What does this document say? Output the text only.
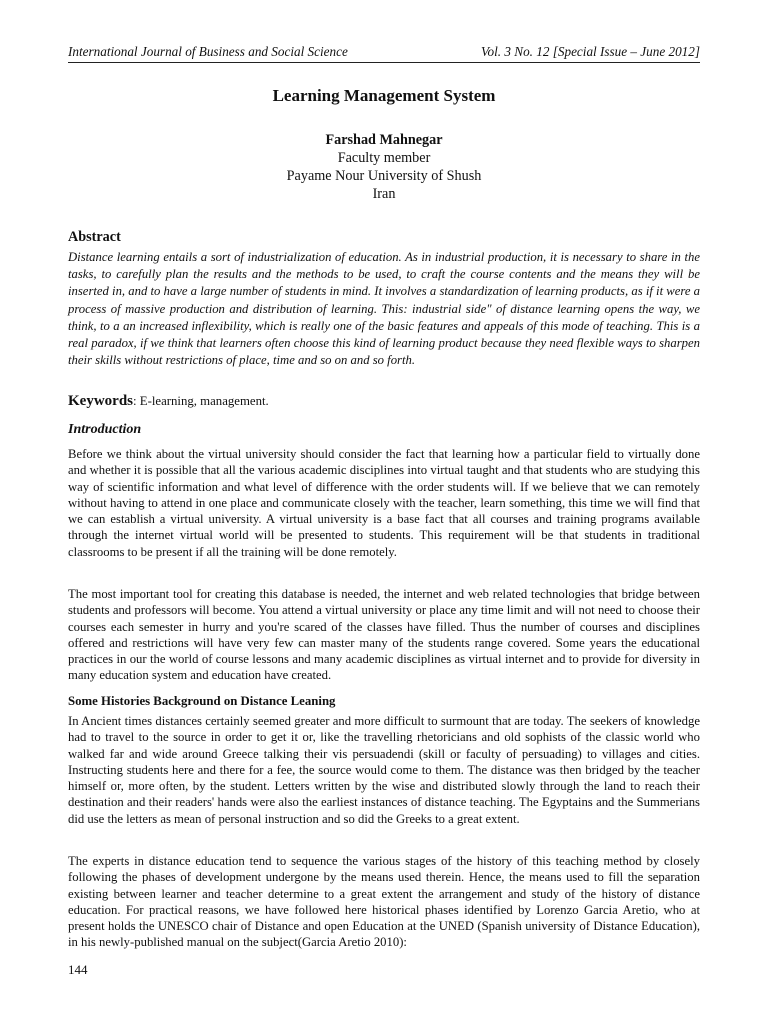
International Journal of Business and Social Science	Vol. 3 No. 12 [Special Issue – June 2012]
Learning Management System
Farshad Mahnegar
Faculty member
Payame Nour University of Shush
Iran
Abstract
Distance learning entails a sort of industrialization of education. As in industrial production, it is necessary to share in the tasks, to carefully plan the results and the methods to be used, to craft the course contents and the means they will be inserted in, and to have a large number of students in mind. It involves a standardization of learning products, as if it were a process of massive production and distribution of learning. This: industrial side" of distance learning opens the way, we think, to a an increased inflexibility, which is really one of the basic features and appeals of this mode of teaching. This is a real paradox, if we think that learners often choose this kind of learning product because they need flexible ways to sharpen their skills without restrictions of place, time and so on and so forth.
Keywords: E-learning, management.
Introduction
Before we think about the virtual university should consider the fact that learning how a particular field to virtually done and whether it is possible that all the various academic disciplines into virtual taught and that students who are studying this way of scientific information and what level of difference with the order students will. If we believe that we can remotely without having to attend in one place and communicate closely with the teacher, learn something, this time we will find that we can establish a virtual university. A virtual university is a base fact that all courses and training programs available through the internet virtual world will be presented to students. This requirement will be that students in traditional classrooms to be present if all the training will be done remotely.
The most important tool for creating this database is needed, the internet and web related technologies that bridge between students and professors will become. You attend a virtual university or place any time limit and will not need to choose their courses each semester in hurry and you're scared of the classes have filled. Thus the number of courses and disciplines offered and restrictions will have very few can master many of the students range covered. Some years the educational practices in our the world of course lessons and many academic disciplines as virtual internet and to provide for diversity in many education system and education have created.
Some Histories Background on Distance Leaning
In Ancient times distances certainly seemed greater and more difficult to surmount that are today. The seekers of knowledge had to travel to the source in order to get it or, like the travelling rhetoricians and old sophists of the classic world who walked far and wide around Greece talking their vis persuadendi (skill or faculty of persuading) to villages and cities. Instructing students here and there for a fee, the source would come to them. The distance was then bridged by the teacher himself or, more often, by the student. Letters written by the wise and distributed slowly through the land to reach their destination and their readers' hands were also the earliest instances of distance teaching. The Egyptains and the Summerians did use the letters as mean of personal instruction and so did the Greeks to a great extent.
The experts in distance education tend to sequence the various stages of the history of this teaching method by closely following the phases of development undergone by the means used therein. Hence, the means used to fill the separation existing between learner and teacher determine to a great extent the arrangement and study of the history of distance education. For practical reasons, we have followed here historical phases identified by Lorenzo Garcia Aretio, who at present holds the UNESCO chair of Distance and open Education at the UNED (Spanish university of Distance Education), in his newly-published manual on the subject(Garcia Aretio 2010):
144
